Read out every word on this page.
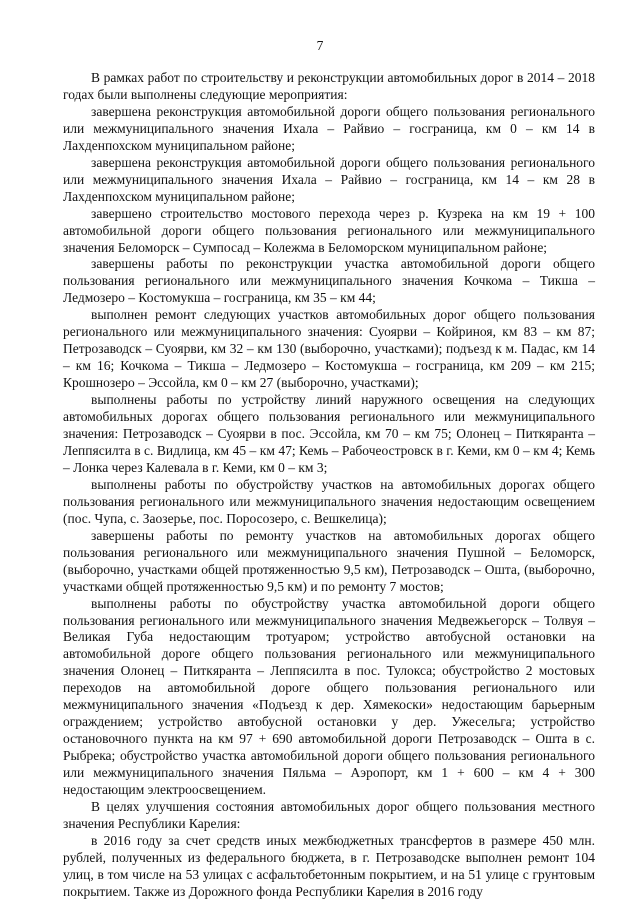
7

В рамках работ по строительству и реконструкции автомобильных дорог в 2014 – 2018 годах были выполнены следующие мероприятия:

завершена реконструкция автомобильной дороги общего пользования регионального или межмуниципального значения Ихала – Райвио – госграница, км 0 – км 14 в Лахденпохском муниципальном районе;

завершена реконструкция автомобильной дороги общего пользования регионального или межмуниципального значения Ихала – Райвио – госграница, км 14 – км 28 в Лахденпохском муниципальном районе;

завершено строительство мостового перехода через р. Кузрека на км 19 + 100 автомобильной дороги общего пользования регионального или межмуниципального значения Беломорск – Сумпосад – Колежма в Беломорском муниципальном районе;

завершены работы по реконструкции участка автомобильной дороги общего пользования регионального или межмуниципального значения Кочкома – Тикша – Ледмозеро – Костомукша – госграница, км 35 – км 44;

выполнен ремонт следующих участков автомобильных дорог общего пользования регионального или межмуниципального значения: Суоярви – Койриноя, км 83 – км 87; Петрозаводск – Суоярви, км 32 – км 130 (выборочно, участками); подъезд к м. Падас, км 14 – км 16; Кочкома – Тикша – Ледмозеро – Костомукша – госграница, км 209 – км 215; Крошнозеро – Эссойла, км 0 – км 27 (выборочно, участками);

выполнены работы по устройству линий наружного освещения на следующих автомобильных дорогах общего пользования регионального или межмуниципального значения: Петрозаводск – Суоярви в пос. Эссойла, км 70 – км 75; Олонец – Питкяранта – Леппясилта в с. Видлица, км 45 – км 47; Кемь – Рабочеостровск в г. Кеми, км 0 – км 4; Кемь – Лонка через Калевала в г. Кеми, км 0 – км 3;

выполнены работы по обустройству участков на автомобильных дорогах общего пользования регионального или межмуниципального значения недостающим освещением (пос. Чупа, с. Заозерье, пос. Поросозеро, с. Вешкелица);

завершены работы по ремонту участков на автомобильных дорогах общего пользования регионального или межмуниципального значения Пушной – Беломорск, (выборочно, участками общей протяженностью 9,5 км), Петрозаводск – Оштa, (выборочно, участками общей протяженностью 9,5 км) и по ремонту 7 мостов;

выполнены работы по обустройству участка автомобильной дороги общего пользования регионального или межмуниципального значения Медвежьегорск – Толвуя – Великая Губа недостающим тротуаром; устройство автобусной остановки на автомобильной дороге общего пользования регионального или межмуниципального значения Олонец – Питкяранта – Леппясилта в пос. Тулокса; обустройство 2 мостовых переходов на автомобильной дороге общего пользования регионального или межмуниципального значения «Подъезд к дер. Хямекоски» недостающим барьерным ограждением; устройство автобусной остановки у дер. Ужесельга; устройство остановочного пункта на км 97 + 690 автомобильной дороги Петрозаводск – Оштa в с. Рыбрека; обустройство участка автомобильной дороги общего пользования регионального или межмуниципального значения Пяльма – Аэропорт, км 1 + 600 – км 4 + 300 недостающим электроосвещением.

В целях улучшения состояния автомобильных дорог общего пользования местного значения Республики Карелия:

в 2016 году за счет средств иных межбюджетных трансфертов в размере 450 млн. рублей, полученных из федерального бюджета, в г. Петрозаводске выполнен ремонт 104 улиц, в том числе на 53 улицах с асфальтобетонным покрытием, и на 51 улице с грунтовым покрытием. Также из Дорожного фонда Республики Карелия в 2016 году
